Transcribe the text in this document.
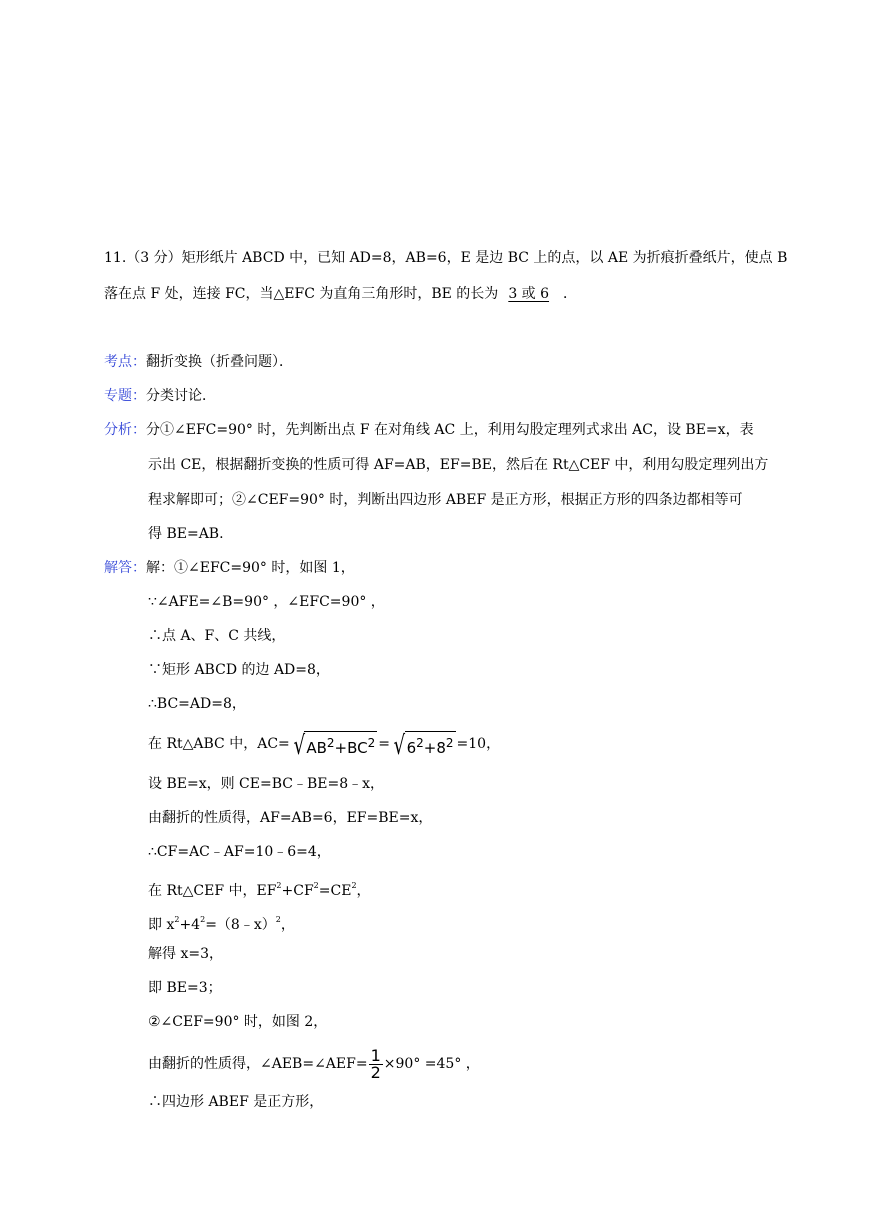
11.（3 分）矩形纸片 ABCD 中，已知 AD=8，AB=6，E 是边 BC 上的点，以 AE 为折痕折叠纸片，使点 B
落在点 F 处，连接 FC，当△EFC 为直角三角形时，BE 的长为 3 或 6 ．
考点：翻折变换（折叠问题）．
专题：分类讨论．
分析：分①∠EFC=90° 时，先判断出点 F 在对角线 AC 上，利用勾股定理列式求出 AC，设 BE=x，表
示出 CE，根据翻折变换的性质可得 AF=AB，EF=BE，然后在 Rt△CEF 中，利用勾股定理列出方
程求解即可；②∠CEF=90° 时，判断出四边形 ABEF 是正方形，根据正方形的四条边都相等可
得 BE=AB.
解答：解：①∠EFC=90° 时，如图 1，
∵∠AFE=∠B=90° ，∠EFC=90° ，
∴点 A、F、C 共线，
∵矩形 ABCD 的边 AD=8，
∴BC=AD=8，
在 Rt△ABC 中，AC= √ $AB^2+BC^2$ = √ $6^2+8^2 =10$，
设 BE=x，则 CE=BC﹣BE=8﹣x，
由翻折的性质得，AF=AB=6，EF=BE=x，
∴CF=AC﹣AF=10﹣6=4，
在 Rt△CEF 中，$EF^2+CF^2=CE^2$，
即 $x^2+4^2=(8﹣x)^2$，
解得 x=3，
即 BE=3；
②∠CEF=90° 时，如图 2，
由翻折的性质得，∠AEB=∠AEF= $\frac{1}{2} \times 90^\circ =45^\circ$ ，
∴四边形 ABEF 是正方形，
